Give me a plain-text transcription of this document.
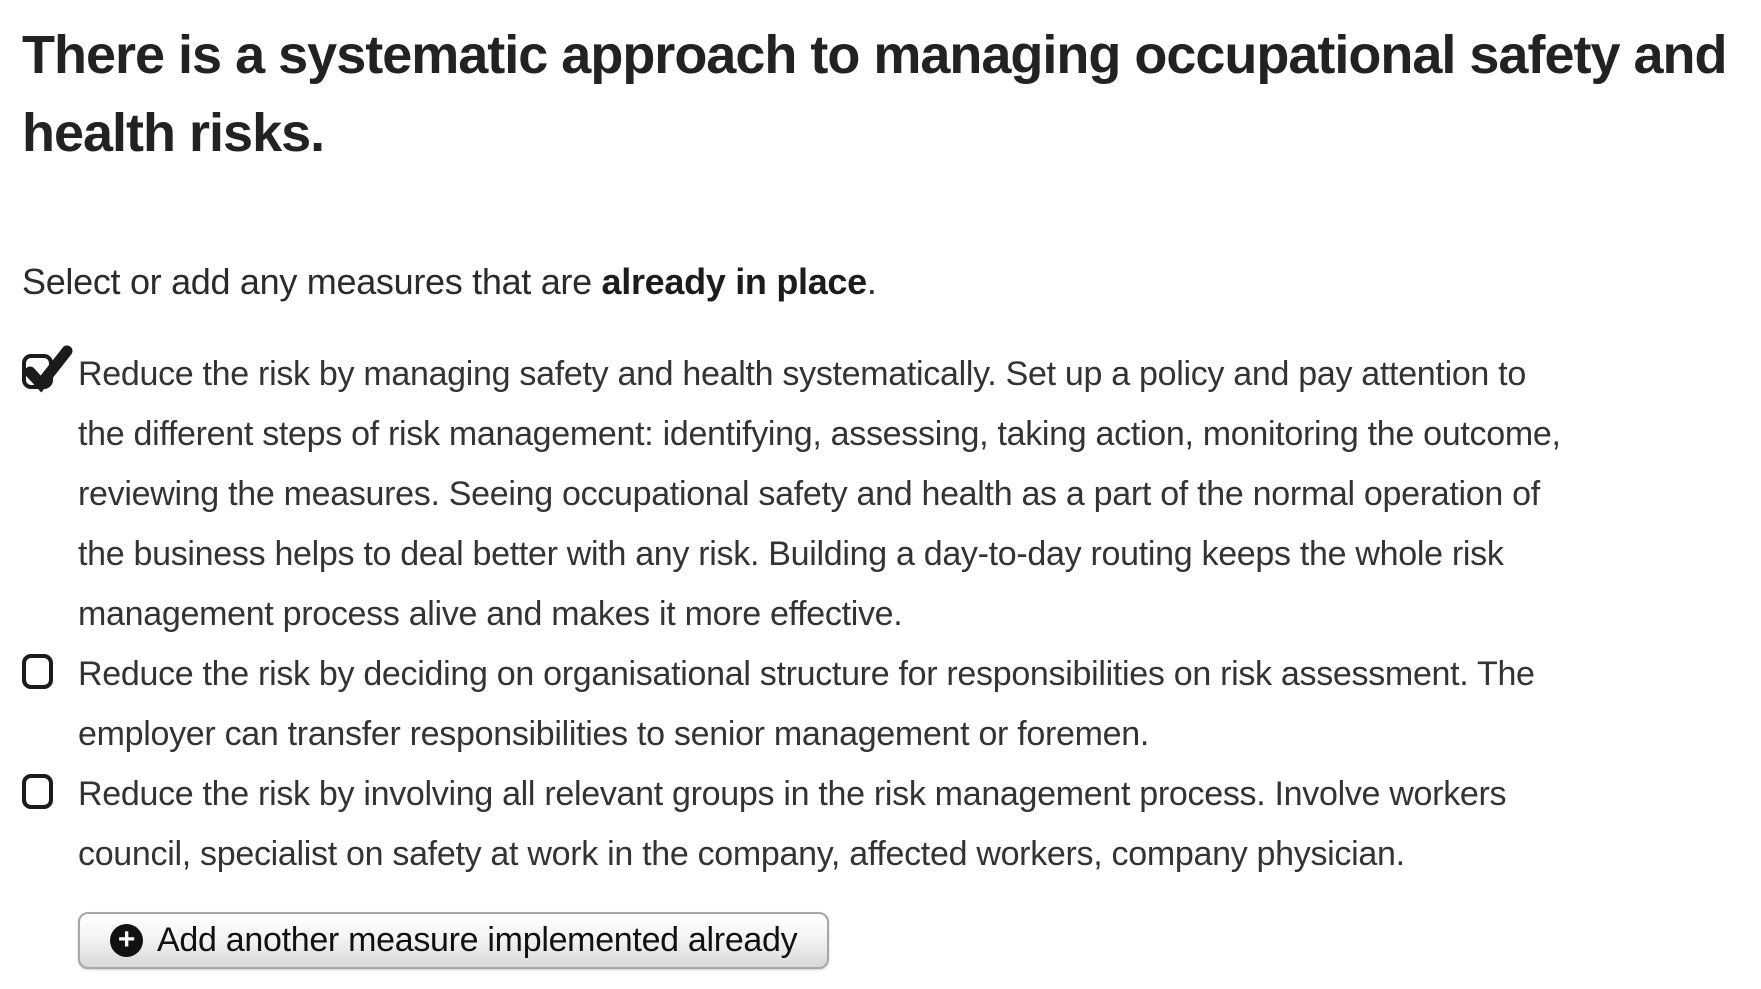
There is a systematic approach to managing occupational safety and health risks.

Select or add any measures that are already in place.

Reduce the risk by managing safety and health systematically. Set up a policy and pay attention to the different steps of risk management: identifying, assessing, taking action, monitoring the outcome, reviewing the measures. Seeing occupational safety and health as a part of the normal operation of the business helps to deal better with any risk. Building a day-to-day routing keeps the whole risk management process alive and makes it more effective.
Reduce the risk by deciding on organisational structure for responsibilities on risk assessment. The employer can transfer responsibilities to senior management or foremen.
Reduce the risk by involving all relevant groups in the risk management process. Involve workers council, specialist on safety at work in the company, affected workers, company physician.
+
Add another measure implemented already
